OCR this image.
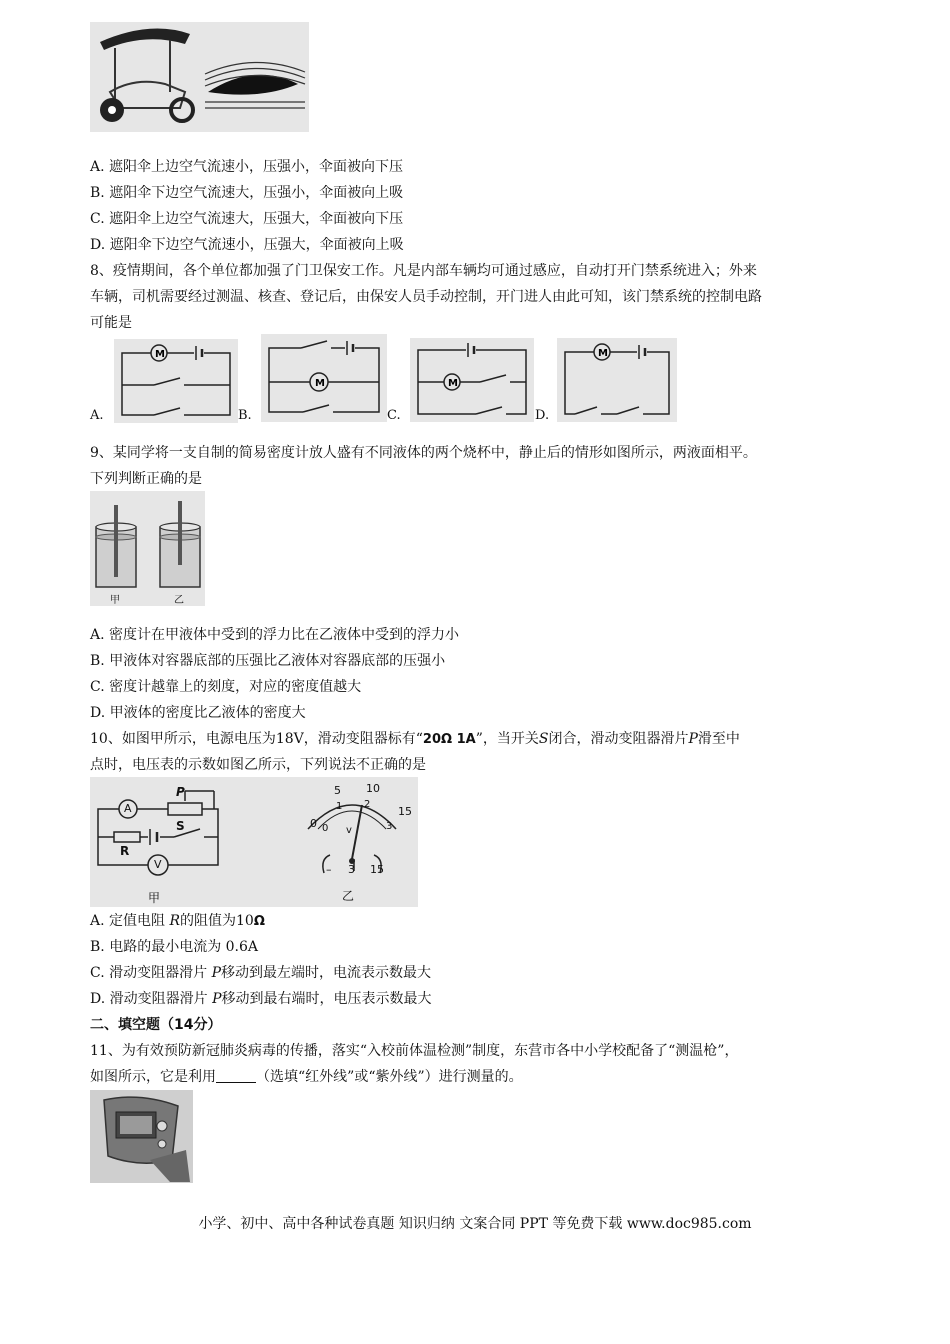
A. 遮阳伞上边空气流速小，压强小，伞面被向下压
B. 遮阳伞下边空气流速大，压强小，伞面被向上吸
C. 遮阳伞上边空气流速大，压强大，伞面被向下压
D. 遮阳伞下边空气流速小，压强大，伞面被向上吸
8、疫情期间，各个单位都加强了门卫保安工作。凡是内部车辆均可通过感应，自动打开门禁系统进入；外来
车辆，司机需要经过测温、核查、登记后，由保安人员手动控制，开门进人由此可知，该门禁系统的控制电路
可能是
A.
M
B.
M
C.
M
D.
M
9、某同学将一支自制的简易密度计放人盛有不同液体的两个烧杯中，静止后的情形如图所示，两液面相平。
下列判断正确的是
甲	乙
A. 密度计在甲液体中受到的浮力比在乙液体中受到的浮力小
B. 甲液体对容器底部的压强比乙液体对容器底部的压强小
C. 密度计越靠上的刻度，对应的密度值越大
D. 甲液体的密度比乙液体的密度大
10、如图甲所示，电源电压为18V，滑动变阻器标有“20Ω 1A”，当开关S闭合，滑动变阻器滑片P滑至中
点时，电压表的示数如图乙所示，下列说法不正确的是
A
P
R
S
V
甲
5 10
15
0
1 2
3
0 v
– 3 15
乙
A. 定值电阻 R的阻值为10Ω
B. 电路的最小电流为 0.6A
C. 滑动变阻器滑片 P移动到最左端时，电流表示数最大
D. 滑动变阻器滑片 P移动到最右端时，电压表示数最大
二、填空题（14分）
11、为有效预防新冠肺炎病毒的传播，落实“入校前体温检测”制度，东营市各中小学校配备了“测温枪”，
如图所示，它是利用	（选填“红外线”或“紫外线”）进行测量的。
小学、初中、高中各种试卷真题 知识归纳 文案合同 PPT 等免费下载 www.doc985.com
